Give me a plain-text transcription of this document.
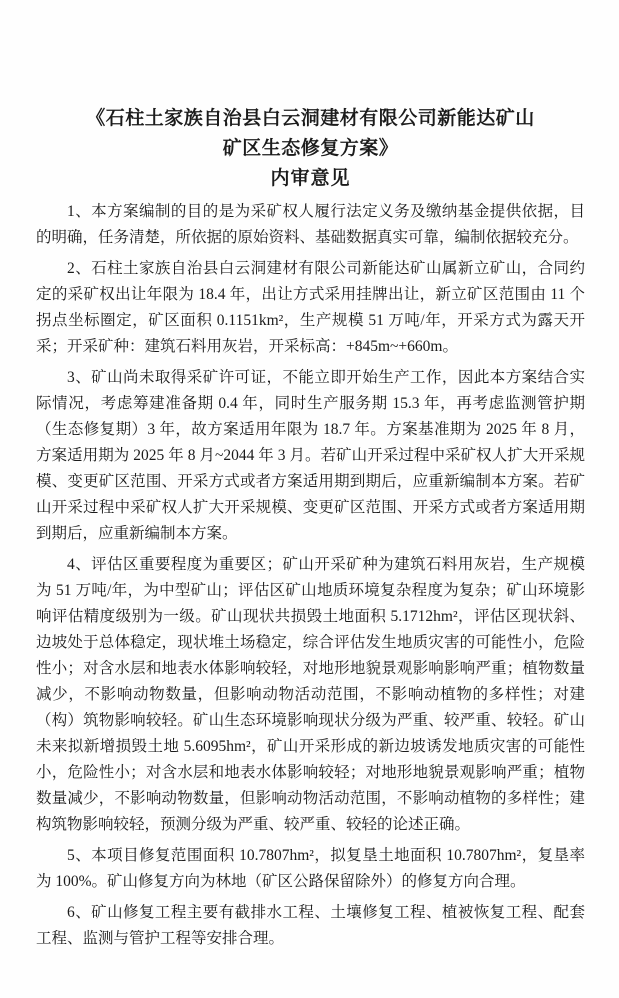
《石柱土家族自治县白云洞建材有限公司新能达矿山
矿区生态修复方案》
内审意见

1、本方案编制的目的是为采矿权人履行法定义务及缴纳基金提供依据，目的明确，任务清楚，所依据的原始资料、基础数据真实可靠，编制依据较充分。

2、石柱土家族自治县白云洞建材有限公司新能达矿山属新立矿山，合同约定的采矿权出让年限为 18.4 年，出让方式采用挂牌出让，新立矿区范围由 11 个拐点坐标圈定，矿区面积 0.1151km²，生产规模 51 万吨/年，开采方式为露天开采；开采矿种：建筑石料用灰岩，开采标高：+845m~+660m。

3、矿山尚未取得采矿许可证，不能立即开始生产工作，因此本方案结合实际情况，考虑筹建准备期 0.4 年，同时生产服务期 15.3 年，再考虑监测管护期（生态修复期）3 年，故方案适用年限为 18.7 年。方案基准期为 2025 年 8 月，方案适用期为 2025 年 8 月~2044 年 3 月。若矿山开采过程中采矿权人扩大开采规模、变更矿区范围、开采方式或者方案适用期到期后，应重新编制本方案。若矿山开采过程中采矿权人扩大开采规模、变更矿区范围、开采方式或者方案适用期到期后，应重新编制本方案。

4、评估区重要程度为重要区；矿山开采矿种为建筑石料用灰岩，生产规模为 51 万吨/年，为中型矿山；评估区矿山地质环境复杂程度为复杂；矿山环境影响评估精度级别为一级。矿山现状共损毁土地面积 5.1712hm²，评估区现状斜、边坡处于总体稳定，现状堆土场稳定，综合评估发生地质灾害的可能性小，危险性小；对含水层和地表水体影响较轻，对地形地貌景观影响影响严重；植物数量减少，不影响动物数量，但影响动物活动范围，不影响动植物的多样性；对建（构）筑物影响较轻。矿山生态环境影响现状分级为严重、较严重、较轻。矿山未来拟新增损毁土地 5.6095hm²，矿山开采形成的新边坡诱发地质灾害的可能性小，危险性小；对含水层和地表水体影响较轻；对地形地貌景观影响严重；植物数量减少，不影响动物数量，但影响动物活动范围，不影响动植物的多样性；建构筑物影响较轻，预测分级为严重、较严重、较轻的论述正确。

5、本项目修复范围面积 10.7807hm²，拟复垦土地面积 10.7807hm²，复垦率为 100%。矿山修复方向为林地（矿区公路保留除外）的修复方向合理。

6、矿山修复工程主要有截排水工程、土壤修复工程、植被恢复工程、配套工程、监测与管护工程等安排合理。
